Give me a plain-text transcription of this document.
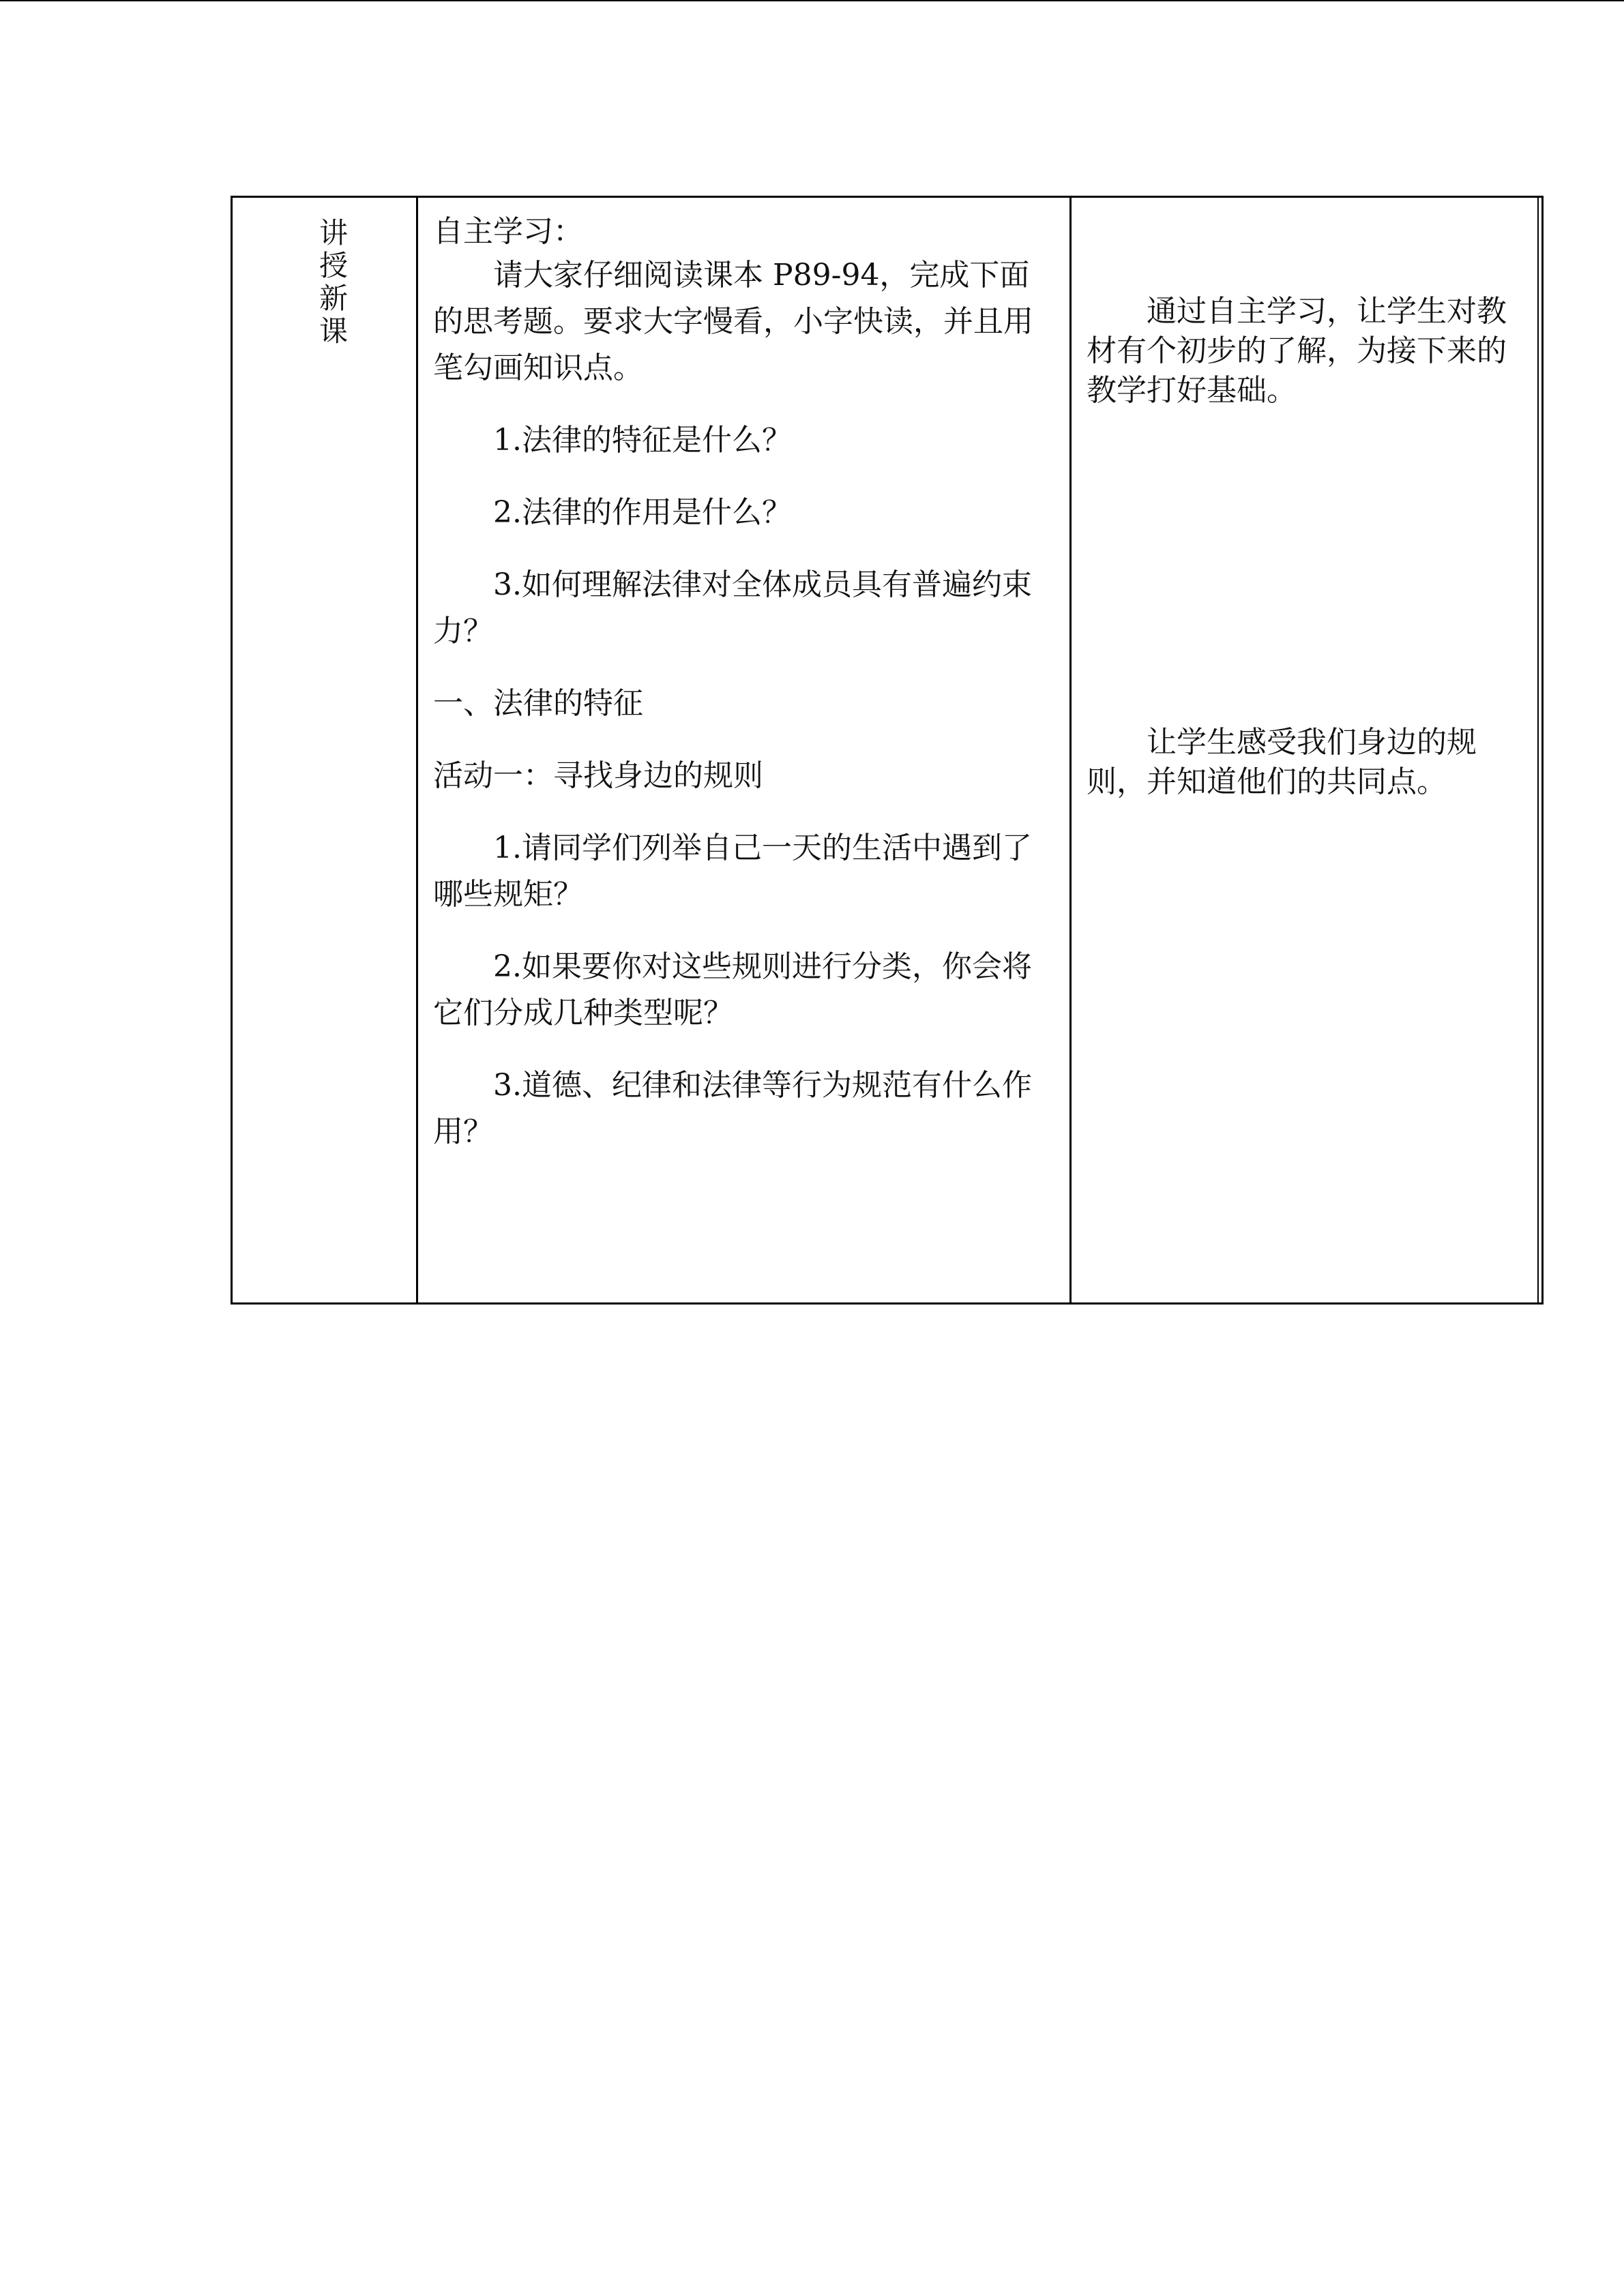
讲授新课

自主学习：

请大家仔细阅读课本 P89-94，完成下面的思考题。要求大字慢看，小字快读，并且用笔勾画知识点。

1.法律的特征是什么？

2.法律的作用是什么？

3.如何理解法律对全体成员具有普遍约束力？

一、法律的特征

活动一：寻找身边的规则

1.请同学们列举自己一天的生活中遇到了哪些规矩？

2.如果要你对这些规则进行分类，你会将它们分成几种类型呢？

3.道德、纪律和法律等行为规范有什么作用？

通过自主学习，让学生对教材有个初步的了解，为接下来的教学打好基础。

让学生感受我们身边的规则，并知道他们的共同点。
